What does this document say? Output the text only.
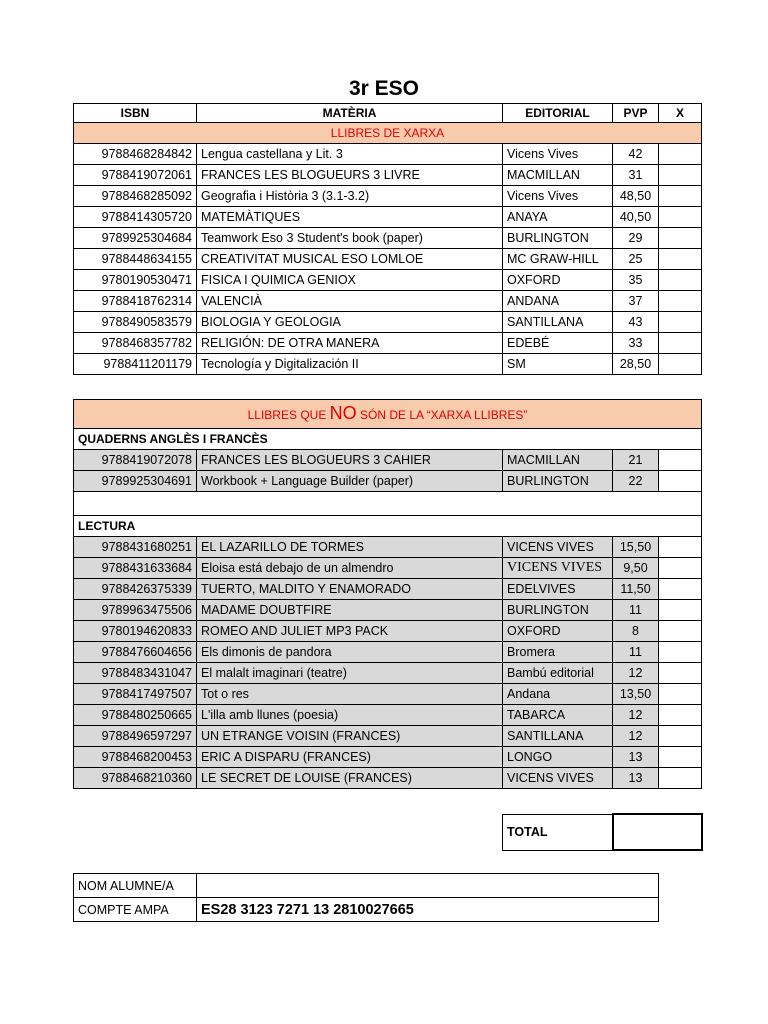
3r ESO
ISBN	MATÈRIA	EDITORIAL	PVP	X
LLIBRES DE XARXA				
9788468284842	Lengua castellana y Lit. 3	Vicens Vives	42	
9788419072061	FRANCES LES BLOGUEURS 3 LIVRE	MACMILLAN	31	
9788468285092	Geografia i Història 3 (3.1-3.2)	Vicens Vives	48,50	
9788414305720	MATEMÀTIQUES	ANAYA	40,50	
9789925304684	Teamwork Eso 3 Student's book (paper)	BURLINGTON	29	
9788448634155	CREATIVITAT MUSICAL ESO LOMLOE	MC GRAW-HILL	25	
9780190530471	FISICA I QUIMICA GENIOX	OXFORD	35	
9788418762314	VALENCIÀ	ANDANA	37	
9788490583579	BIOLOGIA Y GEOLOGIA	SANTILLANA	43	
9788468357782	RELIGIÓN: DE OTRA MANERA	EDEBÉ	33	
9788411201179	Tecnología y Digitalización II	SM	28,50	
LLIBRES QUE NO SÓN DE LA “XARXA LLIBRES”				
QUADERNS ANGLÈS I FRANCÈS				
9788419072078	FRANCES LES BLOGUEURS 3 CAHIER	MACMILLAN	21	
9789925304691	Workbook + Language Builder (paper)	BURLINGTON	22	

LECTURA				
9788431680251	EL LAZARILLO DE TORMES	VICENS VIVES	15,50	
9788431633684	Eloisa está debajo de un almendro	VICENS VIVES	9,50	
9788426375339	TUERTO, MALDITO Y ENAMORADO	EDELVIVES	11,50	
9789963475506	MADAME DOUBTFIRE	BURLINGTON	11	
9780194620833	ROMEO AND JULIET MP3 PACK	OXFORD	8	
9788476604656	Els dimonis de pandora	Bromera	11	
9788483431047	El malalt imaginari (teatre)	Bambú editorial	12	
9788417497507	Tot o res	Andana	13,50	
9788480250665	L'illa amb llunes (poesia)	TABARCA	12	
9788496597297	UN ETRANGE VOISIN (FRANCES)	SANTILLANA	12	
9788468200453	ERIC A DISPARU (FRANCES)	LONGO	13	
9788468210360	LE SECRET DE LOUISE (FRANCES)	VICENS VIVES	13	
TOTAL	
NOM ALUMNE/A	
COMPTE AMPA	ES28 3123 7271 13 2810027665
